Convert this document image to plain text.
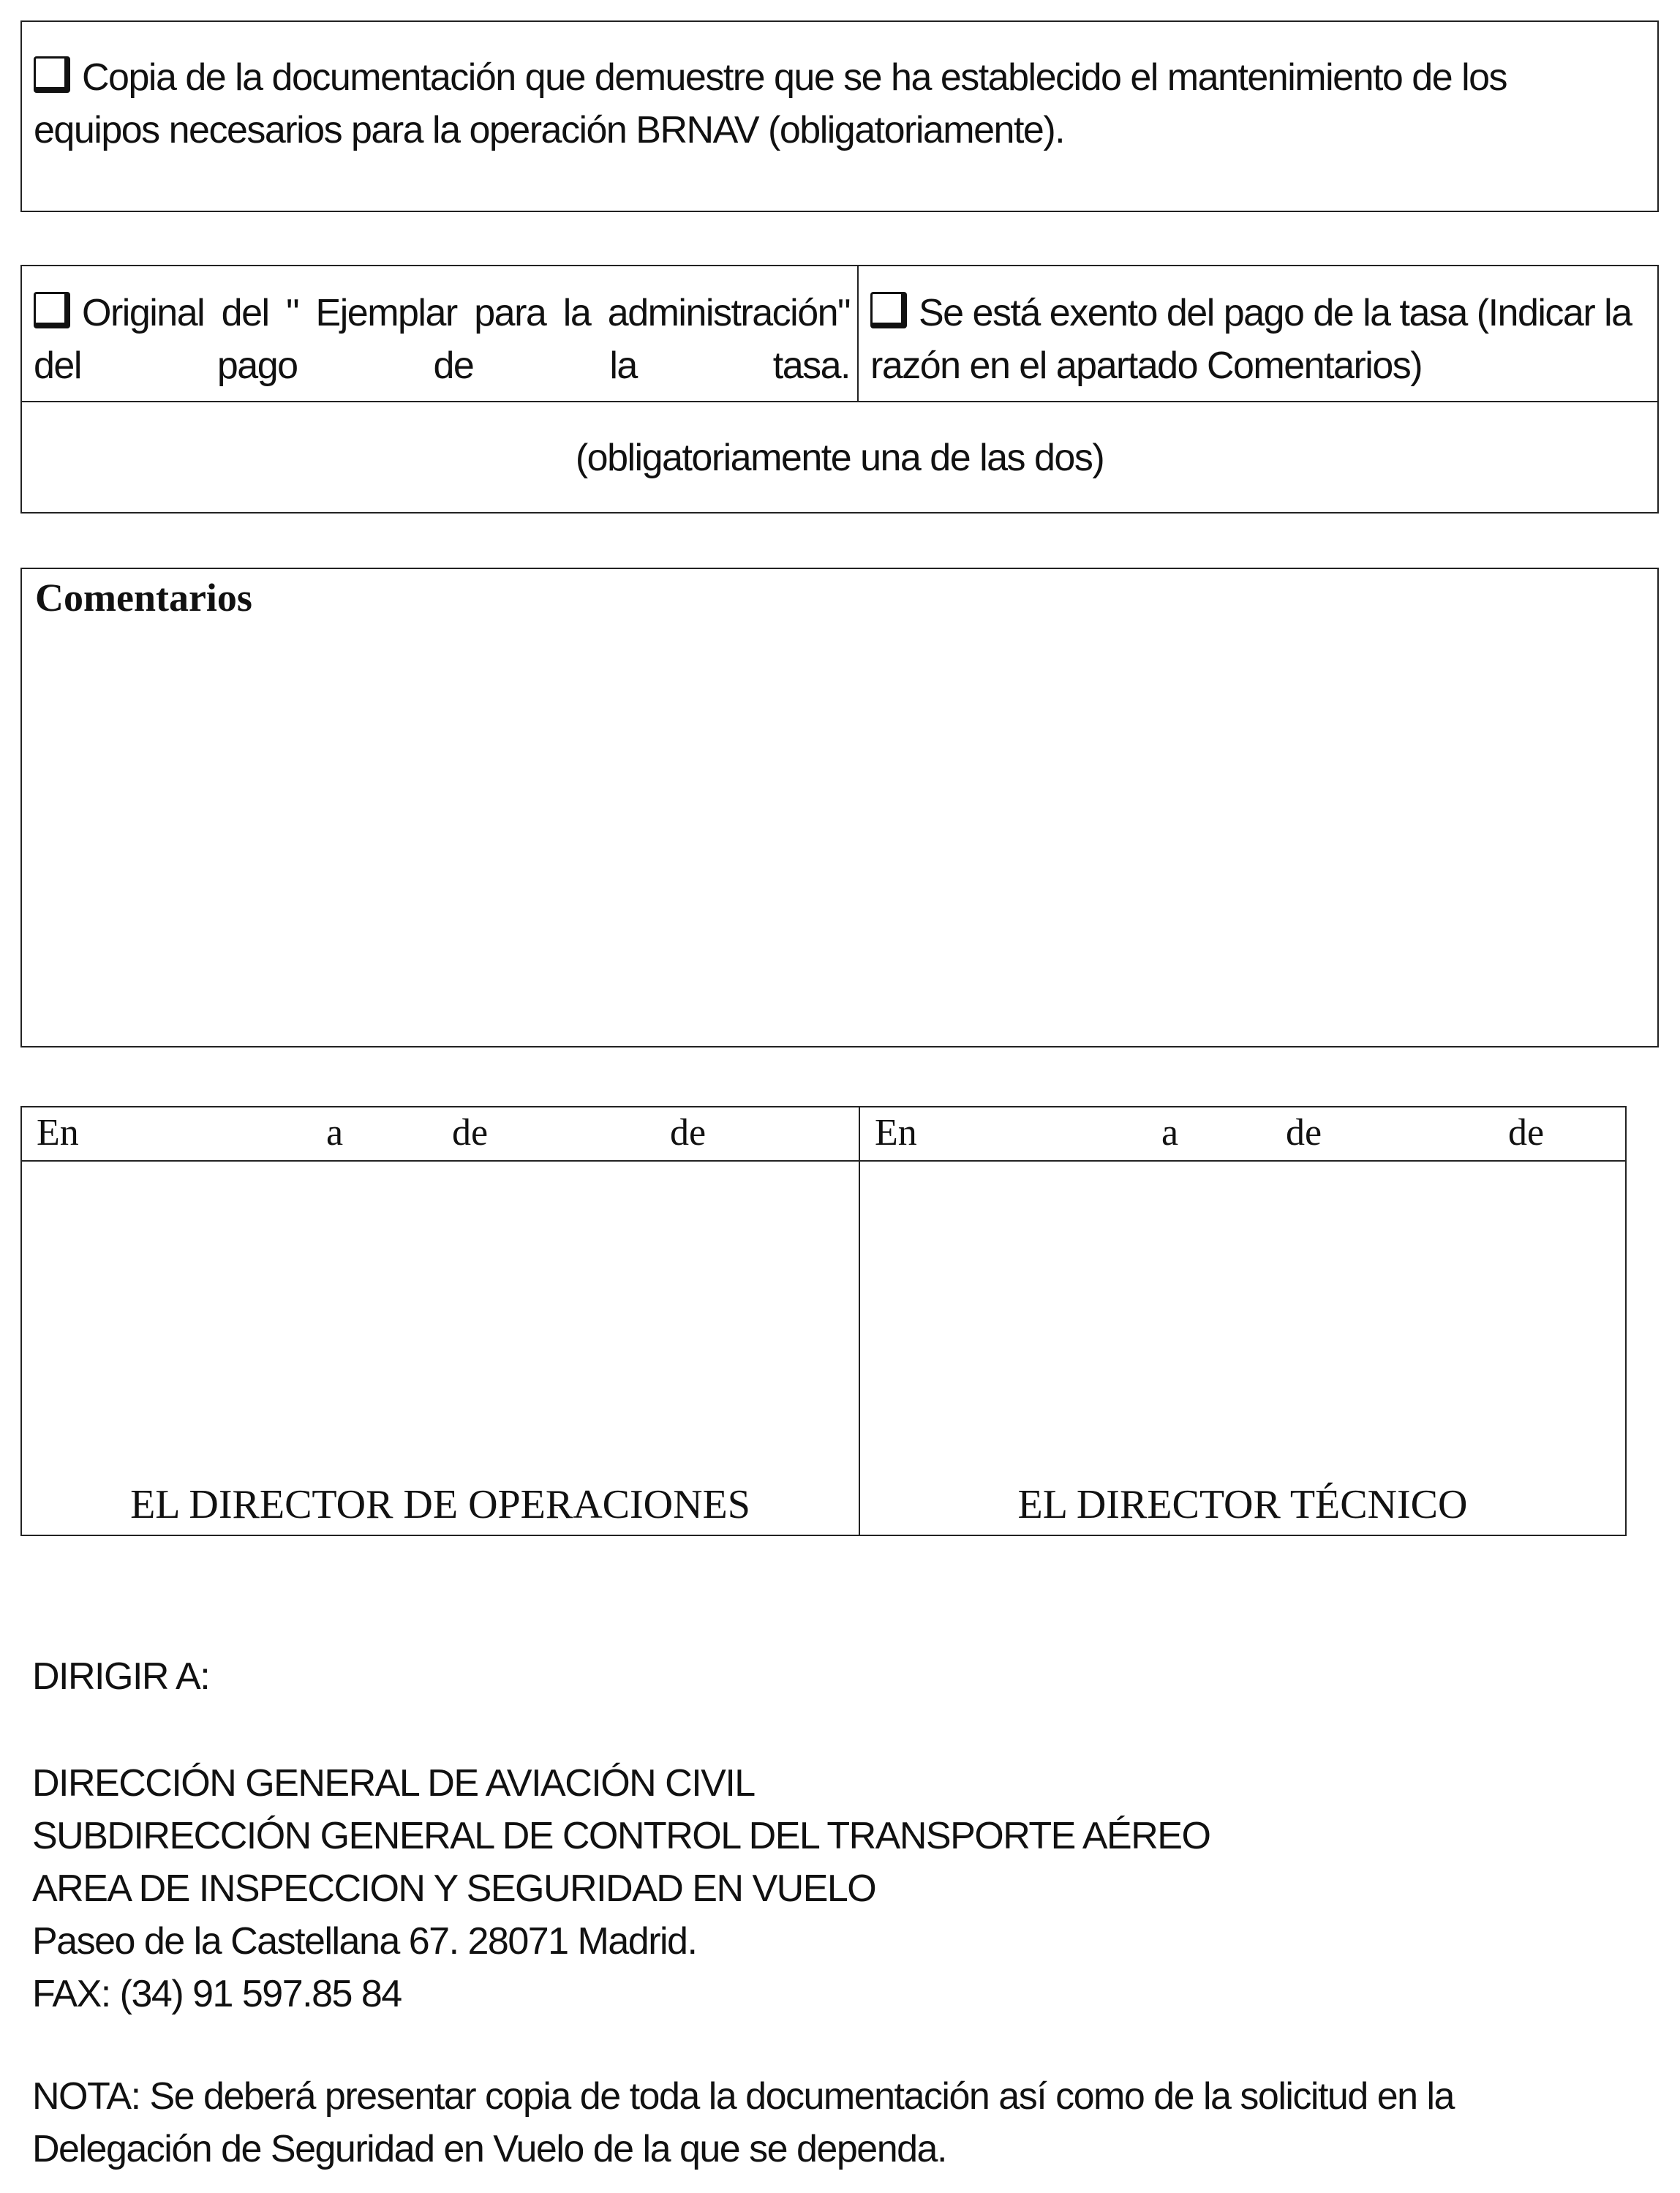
Copia de la documentación que demuestre que se ha establecido el mantenimiento de los equipos necesarios para la operación BRNAV (obligatoriamente).
Original del " Ejemplar para la administración" del pago de la tasa.
Se está exento del pago de la tasa (Indicar la razón en el apartado Comentarios)
(obligatoriamente una de las dos)
Comentarios
En	a	de	de
EL DIRECTOR DE OPERACIONES
En	a	de	de
EL DIRECTOR TÉCNICO
DIRIGIR A:
DIRECCIÓN GENERAL DE AVIACIÓN CIVIL
SUBDIRECCIÓN GENERAL DE CONTROL DEL TRANSPORTE AÉREO
AREA DE INSPECCION Y SEGURIDAD EN VUELO
Paseo de la Castellana 67. 28071 Madrid.
FAX: (34) 91 597.85 84
NOTA: Se deberá presentar copia de toda la documentación así como de la solicitud en la Delegación de Seguridad en Vuelo de la que se dependa.
